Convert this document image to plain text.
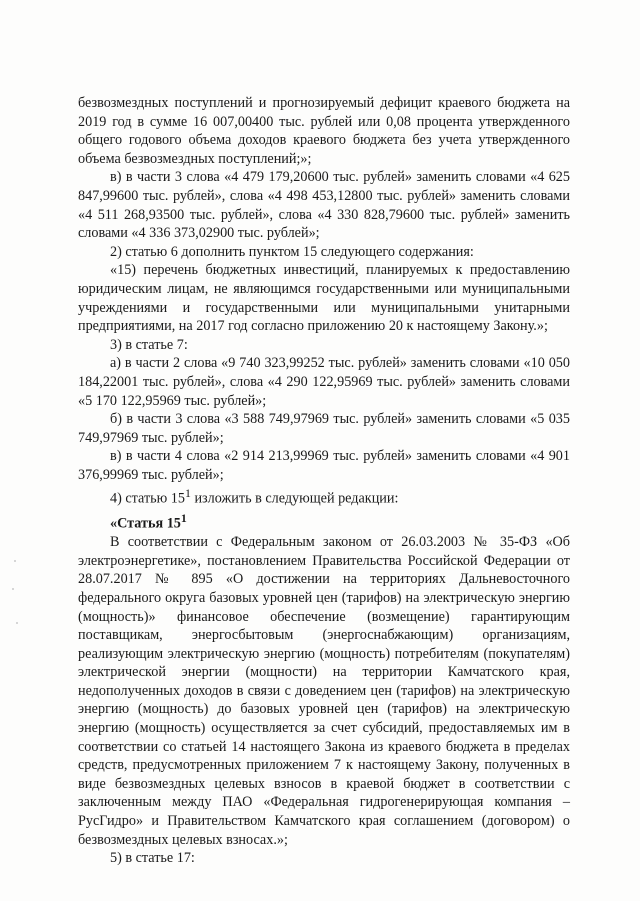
безвозмездных поступлений и прогнозируемый дефицит краевого бюджета на 2019 год в сумме 16 007,00400 тыс. рублей или 0,08 процента утвержденного общего годового объема доходов краевого бюджета без учета утвержденного объема безвозмездных поступлений;»;

в) в части 3 слова «4 479 179,20600 тыс. рублей» заменить словами «4 625 847,99600 тыс. рублей», слова «4 498 453,12800 тыс. рублей» заменить словами «4 511 268,93500 тыс. рублей», слова «4 330 828,79600 тыс. рублей» заменить словами «4 336 373,02900 тыс. рублей»;

2) статью 6 дополнить пунктом 15 следующего содержания:

«15) перечень бюджетных инвестиций, планируемых к предоставлению юридическим лицам, не являющимся государственными или муниципальными учреждениями и государственными или муниципальными унитарными предприятиями, на 2017 год согласно приложению 20 к настоящему Закону.»;

3) в статье 7:

а) в части 2 слова «9 740 323,99252 тыс. рублей» заменить словами «10 050 184,22001 тыс. рублей», слова «4 290 122,95969 тыс. рублей» заменить словами «5 170 122,95969 тыс. рублей»;

б) в части 3 слова «3 588 749,97969 тыс. рублей» заменить словами «5 035 749,97969 тыс. рублей»;

в) в части 4 слова «2 914 213,99969 тыс. рублей» заменить словами «4 901 376,99969 тыс. рублей»;

4) статью $15^1$ изложить в следующей редакции:

«Статья $15^1$

В соответствии с Федеральным законом от 26.03.2003 № 35-ФЗ «Об электроэнергетике», постановлением Правительства Российской Федерации от 28.07.2017 № 895 «О достижении на территориях Дальневосточного федерального округа базовых уровней цен (тарифов) на электрическую энергию (мощность)» финансовое обеспечение (возмещение) гарантирующим поставщикам, энергосбытовым (энергоснабжающим) организациям, реализующим электрическую энергию (мощность) потребителям (покупателям) электрической энергии (мощности) на территории Камчатского края, недополученных доходов в связи с доведением цен (тарифов) на электрическую энергию (мощность) до базовых уровней цен (тарифов) на электрическую энергию (мощность) осуществляется за счет субсидий, предоставляемых им в соответствии со статьей 14 настоящего Закона из краевого бюджета в пределах средств, предусмотренных приложением 7 к настоящему Закону, полученных в виде безвозмездных целевых взносов в краевой бюджет в соответствии с заключенным между ПАО «Федеральная гидрогенерирующая компания – РусГидро» и Правительством Камчатского края соглашением (договором) о безвозмездных целевых взносах.»;

5) в статье 17:
